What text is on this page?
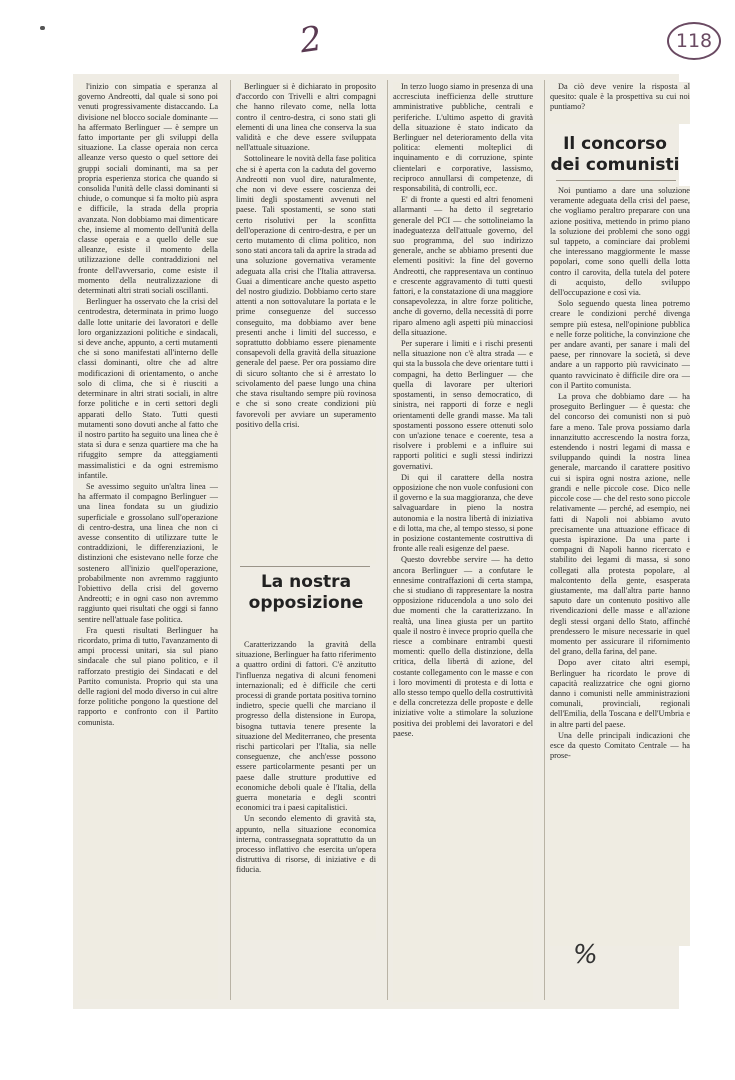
2	118

l'inizio con simpatia e speranza al governo Andreotti, dal quale si sono poi venuti progressivamente distaccando. La divisione nel blocco sociale dominante — ha affermato Berlinguer — è sempre un fatto importante per gli sviluppi della situazione. La classe operaia non cerca alleanze verso questo o quel settore dei gruppi sociali dominanti, ma sa per propria esperienza storica che quando si consolida l'unità delle classi dominanti si chiude, o comunque si fa molto più aspra e difficile, la strada della propria avanzata. Non dobbiamo mai dimenticare che, insieme al momento dell'unità della classe operaia e a quello delle sue alleanze, esiste il momento della utilizzazione delle contraddizioni nel fronte dell'avversario, come esiste il momento della neutralizzazione di determinati altri strati sociali oscillanti.

Berlinguer ha osservato che la crisi del centrodestra, determinata in primo luogo dalle lotte unitarie dei lavoratori e delle loro organizzazioni politiche e sindacali, si deve anche, appunto, a certi mutamenti che si sono manifestati all'interno delle classi dominanti, oltre che ad altre modificazioni di orientamento, o anche solo di clima, che si è riusciti a determinare in altri strati sociali, in altre forze politiche e in certi settori degli apparati dello Stato. Tutti questi mutamenti sono dovuti anche al fatto che il nostro partito ha seguito una linea che è stata sì dura e senza quartiere ma che ha rifuggito sempre da atteggiamenti massimalistici e da ogni estremismo infantile.

Se avessimo seguito un'altra linea — ha affermato il compagno Berlinguer — una linea fondata su un giudizio superficiale e grossolano sull'operazione di centro-destra, una linea che non ci avesse consentito di utilizzare tutte le contraddizioni, le differenziazioni, le distinzioni che esistevano nelle forze che sostenero all'inizio quell'operazione, probabilmente non avremmo raggiunto l'obiettivo della crisi del governo Andreotti; e in ogni caso non avremmo raggiunto quei risultati che oggi si fanno sentire nell'attuale fase politica.

Fra questi risultati Berlinguer ha ricordato, prima di tutto, l'avanzamento di ampi processi unitari, sia sul piano sindacale che sul piano politico, e il rafforzato prestigio dei Sindacati e del Partito comunista. Proprio qui sta una delle ragioni del modo diverso in cui altre forze politiche pongono la questione del rapporto e confronto con il Partito comunista.

Berlinguer si è dichiarato in proposito d'accordo con Trivelli e altri compagni che hanno rilevato come, nella lotta contro il centro-destra, ci sono stati gli elementi di una linea che conserva la sua validità e che deve essere sviluppata nell'attuale situazione.

Sottolineare le novità della fase politica che si è aperta con la caduta del governo Andreotti non vuol dire, naturalmente, che non vi deve essere coscienza dei limiti degli spostamenti avvenuti nel paese. Tali spostamenti, se sono stati certo risolutivi per la sconfitta dell'operazione di centro-destra, e per un certo mutamento di clima politico, non sono stati ancora tali da aprire la strada ad una soluzione governativa veramente adeguata alla crisi che l'Italia attraversa. Guai a dimenticare anche questo aspetto del nostro giudizio. Dobbiamo certo stare attenti a non sottovalutare la portata e le prime conseguenze del successo conseguito, ma dobbiamo aver bene presenti anche i limiti del successo, e soprattutto dobbiamo essere pienamente consapevoli della gravità della situazione generale del paese. Per ora possiamo dire di sicuro soltanto che si è arrestato lo scivolamento del paese lungo una china che stava risultando sempre più rovinosa e che si sono create condizioni più favorevoli per avviare un superamento positivo della crisi.

La nostra opposizione

Caratterizzando la gravità della situazione, Berlinguer ha fatto riferimento a quattro ordini di fattori. C'è anzitutto l'influenza negativa di alcuni fenomeni internazionali; ed è difficile che certi processi di grande portata positiva tornino indietro, specie quelli che marciano il progresso della distensione in Europa, bisogna tuttavia tenere presente la situazione del Mediterraneo, che presenta rischi particolari per l'Italia, sia nelle conseguenze, che anch'esse possono essere particolarmente pesanti per un paese dalle strutture produttive ed economiche deboli quale è l'Italia, della guerra monetaria e degli scontri economici tra i paesi capitalistici.

Un secondo elemento di gravità sta, appunto, nella situazione economica interna, contrassegnata soprattutto da un processo inflattivo che esercita un'opera distruttiva di risorse, di iniziative e di fiducia.

In terzo luogo siamo in presenza di una accresciuta inefficienza delle strutture amministrative pubbliche, centrali e periferiche. L'ultimo aspetto di gravità della situazione è stato indicato da Berlinguer nel deterioramento della vita politica: elementi molteplici di inquinamento e di corruzione, spinte clientelari e corporative, lassismo, reciproco annullarsi di competenze, di responsabilità, di controlli, ecc.

E' di fronte a questi ed altri fenomeni allarmanti — ha detto il segretario generale del PCI — che sottolineiamo la inadeguatezza dell'attuale governo, del suo programma, del suo indirizzo generale, anche se abbiamo presenti due elementi positivi: la fine del governo Andreotti, che rappresentava un continuo e crescente aggravamento di tutti questi fattori, e la constatazione di una maggiore consapevolezza, in altre forze politiche, anche di governo, della necessità di porre riparo almeno agli aspetti più minacciosi della situazione.

Per superare i limiti e i rischi presenti nella situazione non c'è altra strada — e qui sta la bussola che deve orientare tutti i compagni, ha detto Berlinguer — che quella di lavorare per ulteriori spostamenti, in senso democratico, di sinistra, nei rapporti di forze e negli orientamenti delle grandi masse. Ma tali spostamenti possono essere ottenuti solo con un'azione tenace e coerente, tesa a risolvere i problemi e a influire sui rapporti politici e sugli stessi indirizzi governativi.

Di qui il carattere della nostra opposizione che non vuole confusioni con il governo e la sua maggioranza, che deve salvaguardare in pieno la nostra autonomia e la nostra libertà di iniziativa e di lotta, ma che, al tempo stesso, si pone in posizione costantemente costruttiva di fronte alle reali esigenze del paese.

Questo dovrebbe servire — ha detto ancora Berlinguer — a confutare le ennesime contraffazioni di certa stampa, che si studiano di rappresentare la nostra opposizione riducendola a uno solo dei due momenti che la caratterizzano. In realtà, una linea giusta per un partito quale il nostro è invece proprio quella che riesce a combinare entrambi questi momenti: quello della distinzione, della critica, della libertà di azione, del costante collegamento con le masse e con i loro movimenti di protesta e di lotta e allo stesso tempo quello della costruttività e della concretezza delle proposte e delle iniziative volte a stimolare la soluzione positiva dei problemi dei lavoratori e del paese.

Da ciò deve venire la risposta al quesito: quale è la prospettiva su cui noi puntiamo?

Il concorso dei comunisti

Noi puntiamo a dare una soluzione veramente adeguata della crisi del paese, che vogliamo peraltro preparare con una azione positiva, mettendo in primo piano la soluzione dei problemi che sono oggi sul tappeto, a cominciare dai problemi che interessano maggiormente le masse popolari, come sono quelli della lotta contro il carovita, della tutela del potere di acquisto, dello sviluppo dell'occupazione e così via.

Solo seguendo questa linea potremo creare le condizioni perché divenga sempre più estesa, nell'opinione pubblica e nelle forze politiche, la convinzione che per andare avanti, per sanare i mali del paese, per rinnovare la società, si deve andare a un rapporto più ravvicinato — quanto ravvicinato è difficile dire ora — con il Partito comunista.

La prova che dobbiamo dare — ha proseguito Berlinguer — è questa: che del concorso dei comunisti non si può fare a meno. Tale prova possiamo darla innanzitutto accrescendo la nostra forza, estendendo i nostri legami di massa e sviluppando quindi la nostra linea generale, marcando il carattere positivo cui si ispira ogni nostra azione, nelle grandi e nelle piccole cose. Dico nelle piccole cose — che del resto sono piccole relativamente — perché, ad esempio, nei fatti di Napoli noi abbiamo avuto precisamente una attuazione efficace di questa ispirazione. Da una parte i compagni di Napoli hanno ricercato e stabilito dei legami di massa, si sono collegati alla protesta popolare, al malcontento della gente, esasperata giustamente, ma dall'altra parte hanno saputo dare un contenuto positivo alle rivendicazioni delle masse e all'azione degli stessi organi dello Stato, affinché prendessero le misure necessarie in quel momento per assicurare il rifornimento del grano, della farina, del pane.

Dopo aver citato altri esempi, Berlinguer ha ricordato le prove di capacità realizzatrice che ogni giorno danno i comunisti nelle amministrazioni comunali, provinciali, regionali dell'Emilia, della Toscana e dell'Umbria e in altre parti del paese.

Una delle principali indicazioni che esce da questo Comitato Centrale — ha prose-

%
